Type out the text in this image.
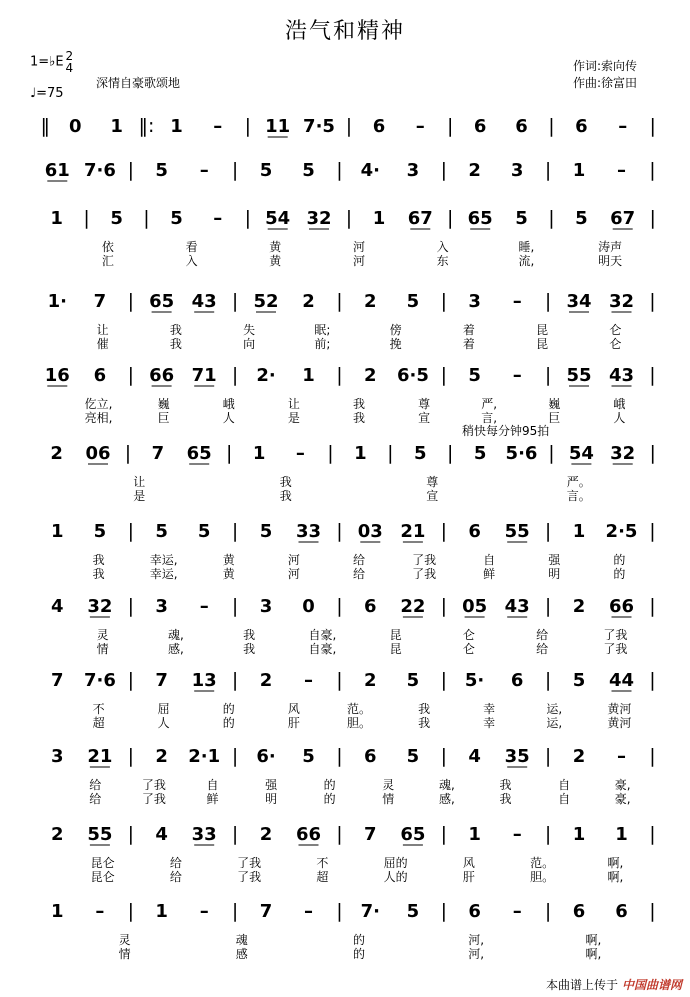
浩气和精神
1=♭E 2
4
♩=75
深情自豪歌颂地
作词:索向传
作曲:徐富田
稍快每分钟95拍
‖ 0 1 ‖: 1 – | 11 7·5 | 6 – | 6 6 | 6 – |
61 7·6 | 5 – | 5 5 | 4· 3 | 2 3 | 1 – |
1 | 5 | 5 – | 54 32 | 1 67 | 65 5 | 5 67 |
依	看	黄	河	入	睡,	涛声
汇	入	黄	河	东	流,	明天
1· 7 | 65 43 | 52 2 | 2 5 | 3 – | 34 32 |
让	我	失	眠;	傍	着	昆	仑
催	我	向	前;	挽	着	昆	仑
16 6 | 66 71 | 2· 1 | 2 6·5 | 5 – | 55 43 |
仡立,	巍	峨	让	我	尊	严,	巍	峨
亮相,	巨	人	是	我	宣	言,	巨	人
2 06 | 7 65 | 1 – | 1 | 5 | 5 5·6 | 54 32 |
让	我	尊	严。
是	我	宣	言。
1 5 | 5 5 | 5 33 | 03 21 | 6 55 | 1 2·5 |
我	幸运,	黄	河	给	了我	自	强	的
我	幸运,	黄	河	给	了我	鲜	明	的
4 32 | 3 – | 3 0 | 6 22 | 05 43 | 2 66 |
灵	魂,	我	自豪,	昆	仑	给	了我
情	感,	我	自豪,	昆	仑	给	了我
7 7·6 | 7 13 | 2 – | 2 5 | 5· 6 | 5 44 |
不	屈	的	风	范。	我	幸	运,	黄河
超	人	的	肝	胆。	我	幸	运,	黄河
3 21 | 2 2·1 | 6· 5 | 6 5 | 4 35 | 2 – |
给	了我	自	强	的	灵	魂,	我	自	豪,
给	了我	鲜	明	的	情	感,	我	自	豪,
2 55 | 4 33 | 2 66 | 7 65 | 1 – | 1 1 |
昆仑	给	了我	不	屈的	风	范。	啊,
昆仑	给	了我	超	人的	肝	胆。	啊,
1 – | 1 – | 7 – | 7· 5 | 6 – | 6 6 |
灵	魂	的	河,	啊,
情	感	的	河,	啊,
本曲谱上传于 中国曲谱网
